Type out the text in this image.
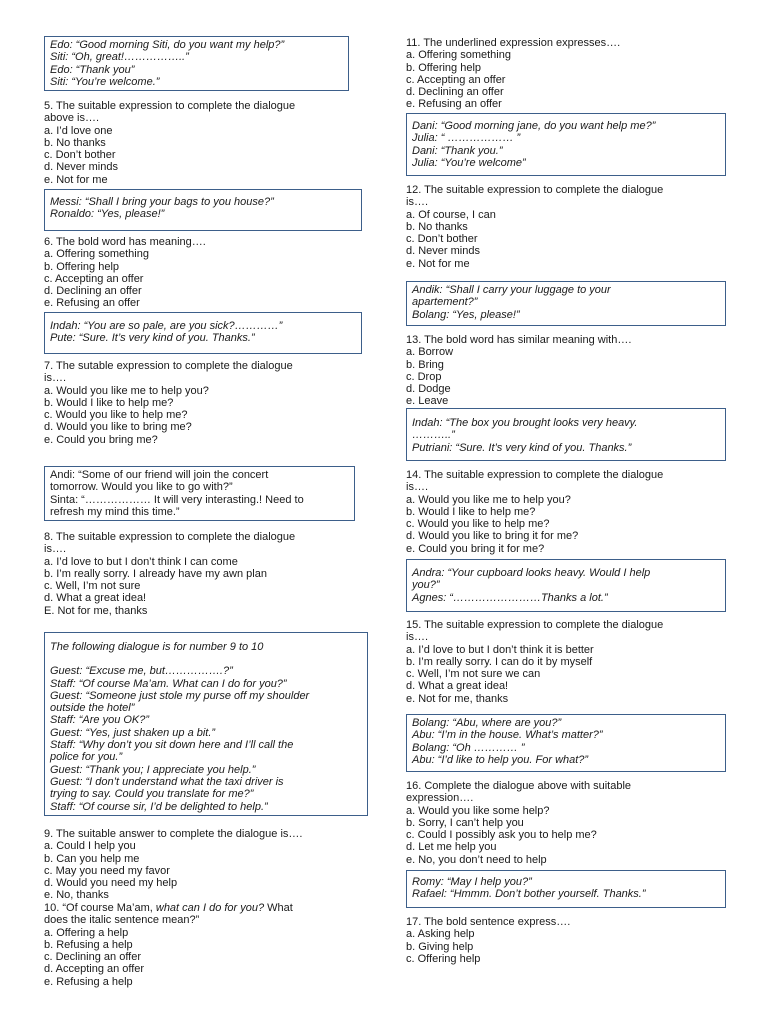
Edo: “Good morning Siti, do you want my help?”
Siti: “Oh, great!……………..”
Edo: “Thank you”
Siti: “You’re welcome.”
5. The suitable expression to complete the dialogue
above is….
a. I’d love one
b. No thanks
c. Don’t bother
d. Never minds
e. Not for me
Messi: “Shall I bring your bags to you house?”
Ronaldo: “Yes, please!”
6. The bold word has meaning….
a. Offering something
b. Offering help
c. Accepting an offer
d. Declining an offer
e. Refusing an offer
Indah: “You are so pale, are you sick?…………”
Pute: “Sure. It’s very kind of you. Thanks.”
7. The sutable expression to complete the dialogue
is….
a. Would you like me to help you?
b. Would I like to help me?
c. Would you like to help me?
d. Would you like to bring me?
e. Could you bring me?
Andi: “Some of our friend will join the concert
tomorrow. Would you like to go with?”
Sinta: “……………… It will very interasting.! Need to
refresh my mind this time.”
8. The suitable expression to complete the dialogue
is….
a. I’d love to but I don’t think I can come
b. I’m really sorry. I already have my awn plan
c. Well, I’m not sure
d. What a great idea!
E. Not for me, thanks
The following dialogue is for number 9 to 10
Guest: “Excuse me, but…………….?”
Staff: “Of course Ma’am. What can I do for you?”
Guest: “Someone just stole my purse off my shoulder
outside the hotel”
Staff: “Are you OK?”
Guest: “Yes, just shaken up a bit.”
Staff: “Why don’t you sit down here and I’ll call the
police for you.”
Guest: “Thank you; I appreciate you help.”
Guest: “I don’t understand what the taxi driver is
trying to say. Could you translate for me?”
Staff: “Of course sir, I’d be delighted to help.”
9. The suitable answer to complete the dialogue is….
a. Could I help you
b. Can you help me
c. May you need my favor
d. Would you need my help
e. No, thanks
10. “Of course Ma’am, what can I do for you? What
does the italic sentence mean?”
a. Offering a help
b. Refusing a help
c. Declining an offer
d. Accepting an offer
e. Refusing a help
11. The underlined expression expresses….
a. Offering something
b. Offering help
c. Accepting an offer
d. Declining an offer
e. Refusing an offer
Dani: “Good morning jane, do you want help me?”
Julia: “ ……………… ”
Dani: “Thank you.”
Julia: “You’re welcome”
12. The suitable expression to complete the dialogue
is….
a. Of course, I can
b. No thanks
c. Don’t bother
d. Never minds
e. Not for me
Andik: “Shall I carry your luggage to your
apartement?”
Bolang: “Yes, please!”
13. The bold word has similar meaning with….
a. Borrow
b. Bring
c. Drop
d. Dodge
e. Leave
Indah: “The box you brought looks very heavy.
………..”
Putriani: “Sure. It’s very kind of you. Thanks.”
14. The suitable expression to complete the dialogue
is….
a. Would you like me to help you?
b. Would I like to help me?
c. Would you like to help me?
d. Would you like to bring it for me?
e. Could you bring it for me?
Andra: “Your cupboard looks heavy. Would I help
you?”
Agnes: “……………………Thanks a lot.”
15. The suitable expression to complete the dialogue
is….
a. I’d love to but I don’t think it is better
b. I’m really sorry. I can do it by myself
c. Well, I’m not sure we can
d. What a great idea!
e. Not for me, thanks
Bolang: “Abu, where are you?”
Abu: “I’m in the house. What’s matter?”
Bolang: “Oh ………… ”
Abu: “I’d like to help you. For what?”
16. Complete the dialogue above with suitable
expression….
a. Would you like some help?
b. Sorry, I can’t help you
c. Could I possibly ask you to help me?
d. Let me help you
e. No, you don’t need to help
Romy: “May I help you?”
Rafael: “Hmmm. Don’t bother yourself. Thanks.”
17. The bold sentence express….
a. Asking help
b. Giving help
c. Offering help
